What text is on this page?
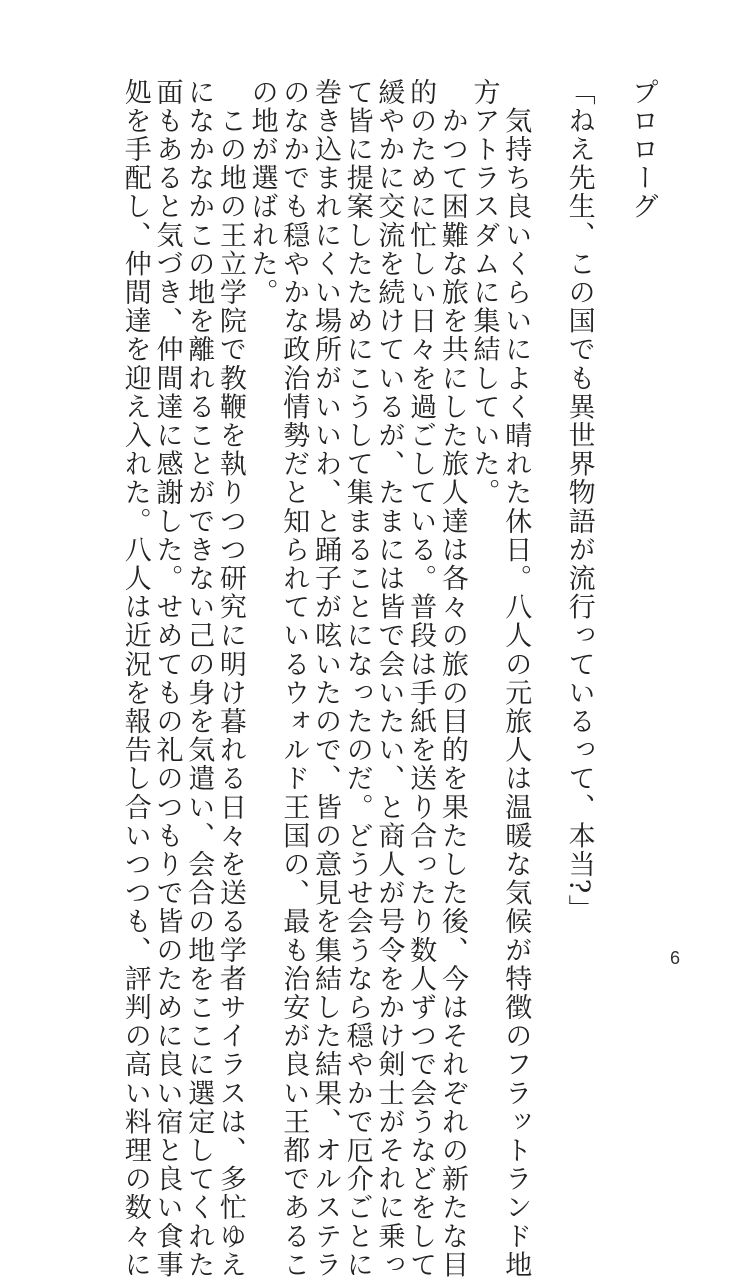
プロローグ
「ねえ先生、この国でも異世界物語が流行っているって、本当?」
　気持ち良いくらいによく晴れた休日。八人の元旅人は温暖な気候が特徴のフラットランド地
方アトラスダムに集結していた。
　かつて困難な旅を共にした旅人達は各々の旅の目的を果たした後、今はそれぞれの新たな目
的のために忙しい日々を過ごしている。普段は手紙を送り合ったり数人ずつで会うなどをして
緩やかに交流を続けているが、たまには皆で会いたい、と商人が号令をかけ剣士がそれに乗っ
て皆に提案したためにこうして集まることになったのだ。どうせ会うなら穏やかで厄介ごとに
巻き込まれにくい場所がいいわ、と踊子が呟いたので、皆の意見を集結した結果、オルステラ
のなかでも穏やかな政治情勢だと知られているウォルド王国の、最も治安が良い王都であるこ
の地が選ばれた。
　この地の王立学院で教鞭を執りつつ研究に明け暮れる日々を送る学者サイラスは、多忙ゆえ
になかなかこの地を離れることができない己の身を気遣い、会合の地をここに選定してくれた
面もあると気づき、仲間達に感謝した。せめてもの礼のつもりで皆のために良い宿と良い食事
処を手配し、仲間達を迎え入れた。八人は近況を報告し合いつつも、評判の高い料理の数々に	6
